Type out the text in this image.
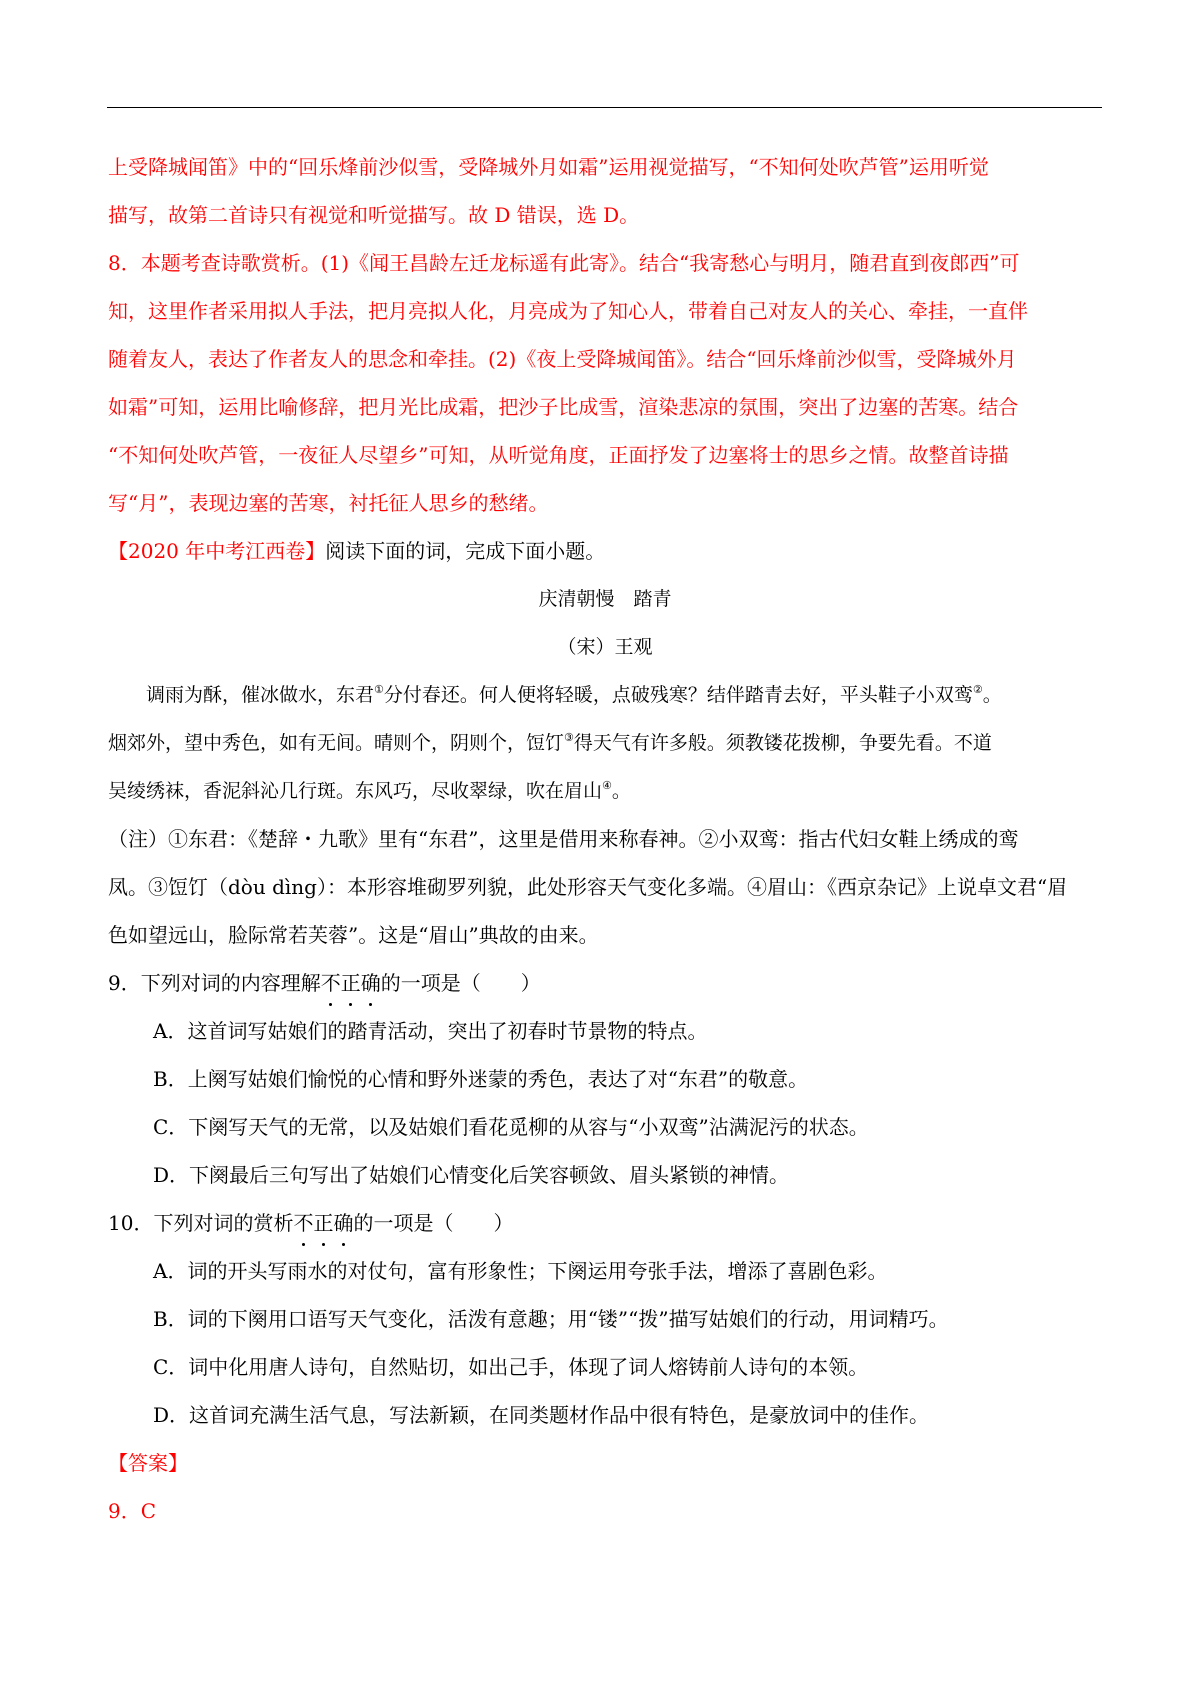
上受降城闻笛》中的“回乐烽前沙似雪，受降城外月如霜”运用视觉描写，“不知何处吹芦管”运用听觉
描写，故第二首诗只有视觉和听觉描写。故 D 错误，选 D。
8．本题考查诗歌赏析。(1)《闻王昌龄左迁龙标遥有此寄》。结合“我寄愁心与明月，随君直到夜郎西”可
知，这里作者采用拟人手法，把月亮拟人化，月亮成为了知心人，带着自己对友人的关心、牵挂，一直伴
随着友人，表达了作者友人的思念和牵挂。(2)《夜上受降城闻笛》。结合“回乐烽前沙似雪，受降城外月
如霜”可知，运用比喻修辞，把月光比成霜，把沙子比成雪，渲染悲凉的氛围，突出了边塞的苦寒。结合
“不知何处吹芦管，一夜征人尽望乡”可知，从听觉角度，正面抒发了边塞将士的思乡之情。故整首诗描
写“月”，表现边塞的苦寒，衬托征人思乡的愁绪。
【2020 年中考江西卷】阅读下面的词，完成下面小题。
庆清朝慢　踏青
（宋）王观
调雨为酥，催冰做水，东君①分付春还。何人便将轻暖，点破残寒？结伴踏青去好，平头鞋子小双鸾②。
烟郊外，望中秀色，如有无间。晴则个，阴则个，饾饤③得天气有许多般。须教镂花拨柳，争要先看。不道
吴绫绣袜，香泥斜沁几行斑。东风巧，尽收翠绿，吹在眉山④。
（注）①东君：《楚辞・九歌》里有“东君”，这里是借用来称春神。②小双鸾：指古代妇女鞋上绣成的鸾
凤。③饾饤（dòu dìng）：本形容堆砌罗列貌，此处形容天气变化多端。④眉山：《西京杂记》上说卓文君“眉
色如望远山，脸际常若芙蓉”。这是“眉山”典故的由来。
9．下列对词的内容理解不正确的一项是（　　）
A．这首词写姑娘们的踏青活动，突出了初春时节景物的特点。
B．上阕写姑娘们愉悦的心情和野外迷蒙的秀色，表达了对“东君”的敬意。
C．下阕写天气的无常，以及姑娘们看花觅柳的从容与“小双鸾”沾满泥污的状态。
D．下阕最后三句写出了姑娘们心情变化后笑容顿敛、眉头紧锁的神情。
10．下列对词的赏析不正确的一项是（　　）
A．词的开头写雨水的对仗句，富有形象性；下阕运用夸张手法，增添了喜剧色彩。
B．词的下阕用口语写天气变化，活泼有意趣；用“镂”“拨”描写姑娘们的行动，用词精巧。
C．词中化用唐人诗句，自然贴切，如出己手，体现了词人熔铸前人诗句的本领。
D．这首词充满生活气息，写法新颖，在同类题材作品中很有特色，是豪放词中的佳作。
【答案】
9．C
